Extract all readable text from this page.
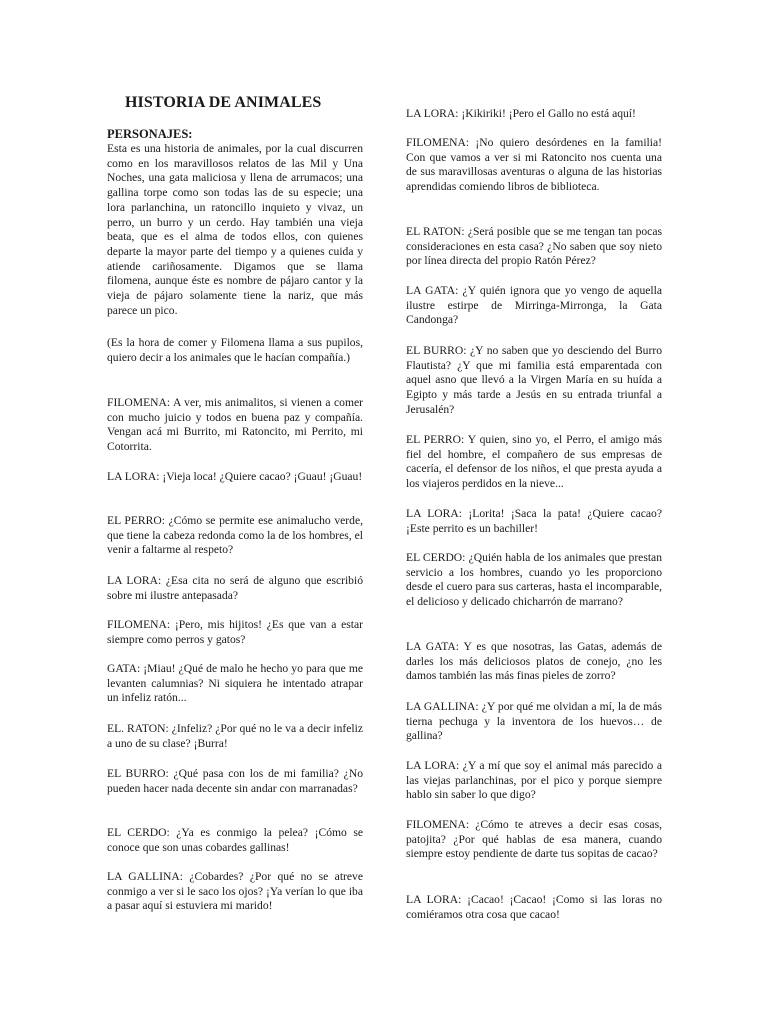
HISTORIA DE ANIMALES
PERSONAJES:

Esta es una historia de animales, por la cual discurren como en los maravillosos relatos de las Mil y Una Noches, una gata maliciosa y llena de arrumacos; una gallina torpe como son todas las de su especie; una lora parlanchina, un ratoncillo inquieto y vivaz, un perro, un burro y un cerdo. Hay también una vieja beata, que es el alma de todos ellos, con quienes departe la mayor parte del tiempo y a quienes cuida y atiende cariñosamente. Digamos que se llama filomena, aunque éste es nombre de pájaro cantor y la vieja de pájaro solamente tiene la nariz, que más parece un pico.

(Es la hora de comer y Filomena llama a sus pupilos, quiero decir a los animales que le hacían compañía.)

FILOMENA: A ver, mis animalitos, si vienen a comer con mucho juicio y todos en buena paz y compañía. Vengan acá mi Burrito, mi Ratoncito, mi Perrito, mi Cotorrita.

LA LORA: ¡Vieja loca! ¿Quiere cacao? ¡Guau! ¡Guau!

EL PERRO: ¿Cómo se permite ese animalucho verde, que tiene la cabeza redonda como la de los hombres, el venir a faltarme al respeto?

LA LORA: ¿Esa cita no será de alguno que escribió sobre mi ilustre antepasada?

FILOMENA: ¡Pero, mis hijitos! ¿Es que van a estar siempre como perros y gatos?

GATA: ¡Miau! ¿Qué de malo he hecho yo para que me levanten calumnias? Ni siquiera he intentado atrapar un infeliz ratón...

EL. RATON: ¿Infeliz? ¿Por qué no le va a decir infeliz a uno de su clase? ¡Burra!

EL BURRO: ¿Qué pasa con los de mi familia? ¿No pueden hacer nada decente sin andar con marranadas?

EL CERDO: ¿Ya es conmigo la pelea? ¡Cómo se conoce que son unas cobardes gallinas!

LA GALLINA: ¿Cobardes? ¿Por qué no se atreve conmigo a ver si le saco los ojos? ¡Ya verían lo que iba a pasar aquí si estuviera mi marido!

LA LORA: ¡Kikiriki! ¡Pero el Gallo no está aquí!

FILOMENA: ¡No quiero desórdenes en la familia! Con que vamos a ver si mi Ratoncito nos cuenta una de sus maravillosas aventuras o alguna de las historias aprendidas comiendo libros de biblioteca.

EL RATON: ¿Será posible que se me tengan tan pocas consideraciones en esta casa? ¿No saben que soy nieto por línea directa del propio Ratón Pérez?

LA GATA: ¿Y quién ignora que yo vengo de aquella ilustre estirpe de Mirringa-Mirronga, la Gata Candonga?

EL BURRO: ¿Y no saben que yo desciendo del Burro Flautista? ¿Y que mi familia está emparentada con aquel asno que llevó a la Virgen María en su huída a Egipto y más tarde a Jesús en su entrada triunfal a Jerusalén?

EL PERRO: Y quien, sino yo, el Perro, el amigo más fiel del hombre, el compañero de sus empresas de cacería, el defensor de los niños, el que presta ayuda a los viajeros perdidos en la nieve...

LA LORA: ¡Lorita! ¡Saca la pata! ¿Quiere cacao? ¡Este perrito es un bachiller!

EL CERDO: ¿Quién habla de los animales que prestan servicio a los hombres, cuando yo les proporciono desde el cuero para sus carteras, hasta el incomparable, el delicioso y delicado chicharrón de marrano?

LA GATA: Y es que nosotras, las Gatas, además de darles los más deliciosos platos de conejo, ¿no les damos también las más finas pieles de zorro?

LA GALLINA: ¿Y por qué me olvidan a mí, la de más tierna pechuga y la inventora de los huevos… de gallina?

LA LORA: ¿Y a mí que soy el animal más parecido a las viejas parlanchinas, por el pico y porque siempre hablo sin saber lo que digo?

FILOMENA: ¿Cómo te atreves a decir esas cosas, patojita? ¿Por qué hablas de esa manera, cuando siempre estoy pendiente de darte tus sopitas de cacao?

LA LORA: ¡Cacao! ¡Cacao! ¡Como si las loras no comiéramos otra cosa que cacao!
